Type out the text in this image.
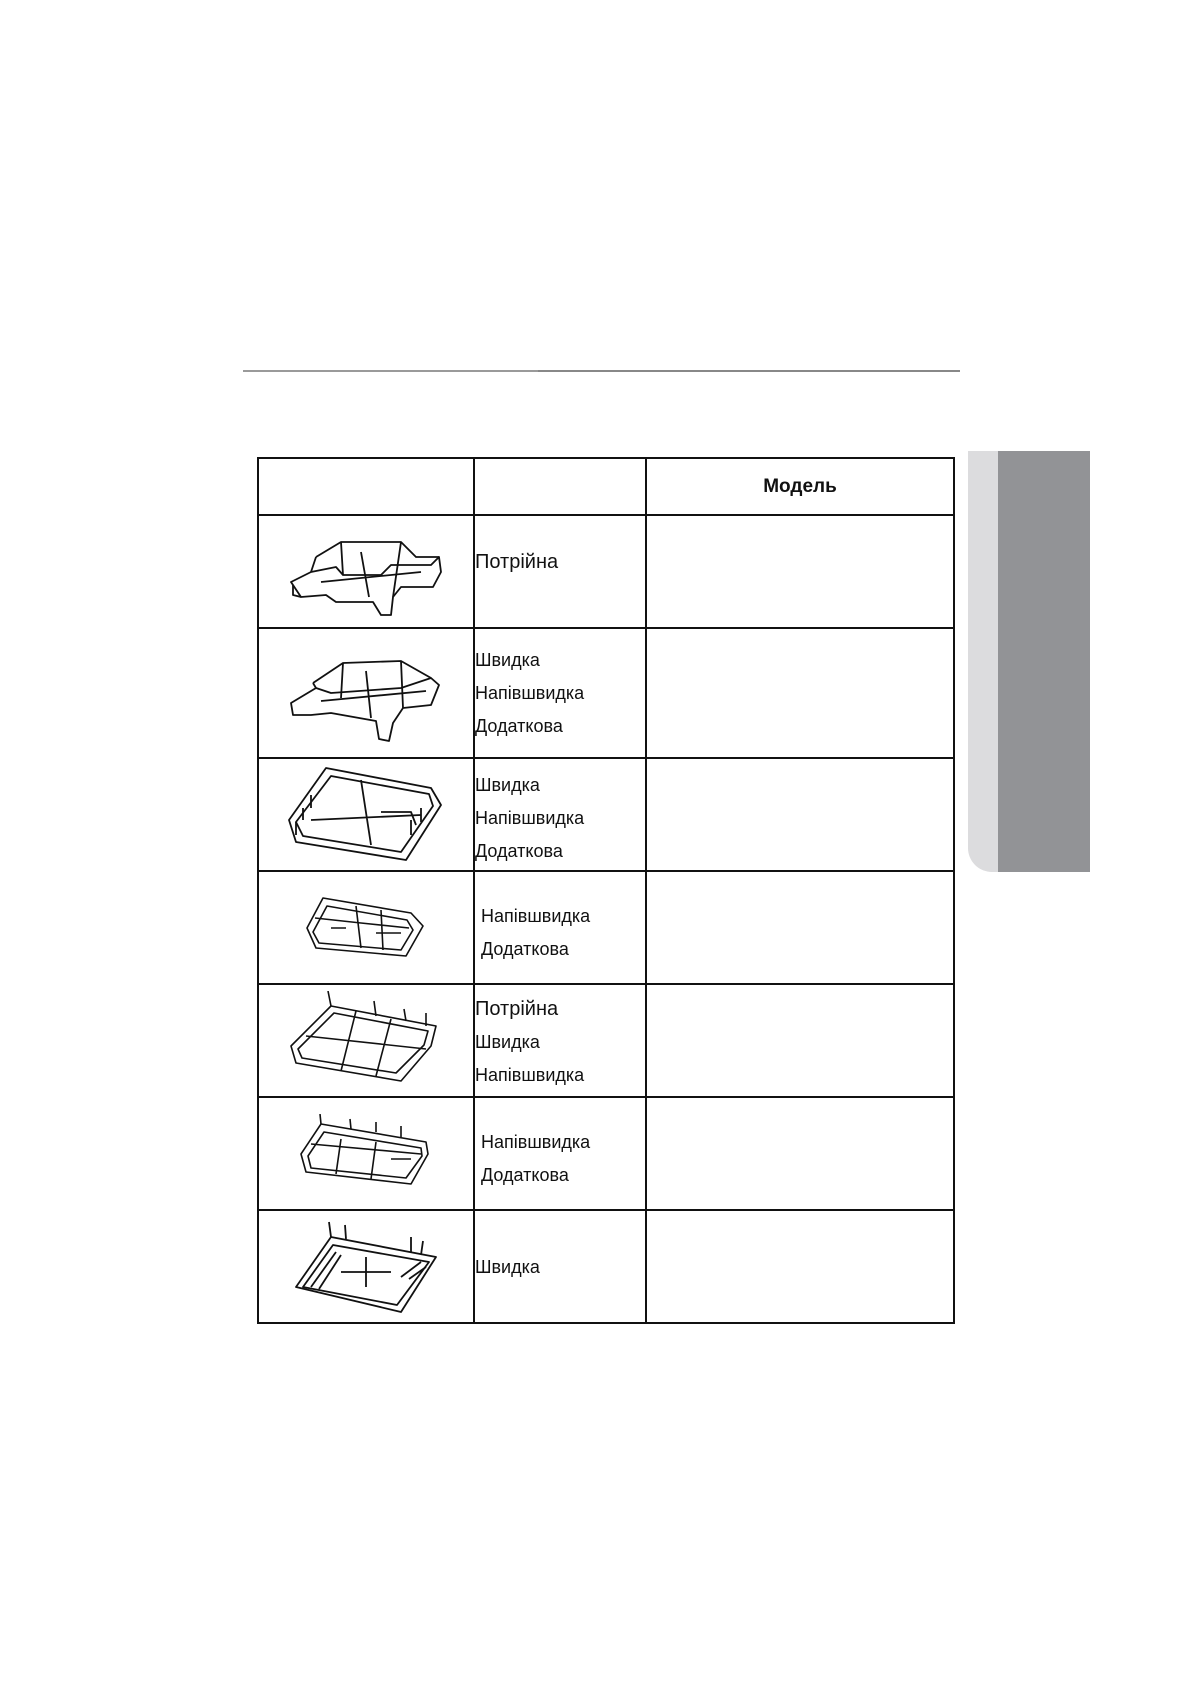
		Модель

Потрійна	

Швидка
Напівшвидка
Додаткова	

Швидка
Напівшвидка
Додаткова	

Напівшвидка
Додаткова	

Потрійна
Швидка
Напівшвидка	

Напівшвидка
Додаткова	

Швидка	
